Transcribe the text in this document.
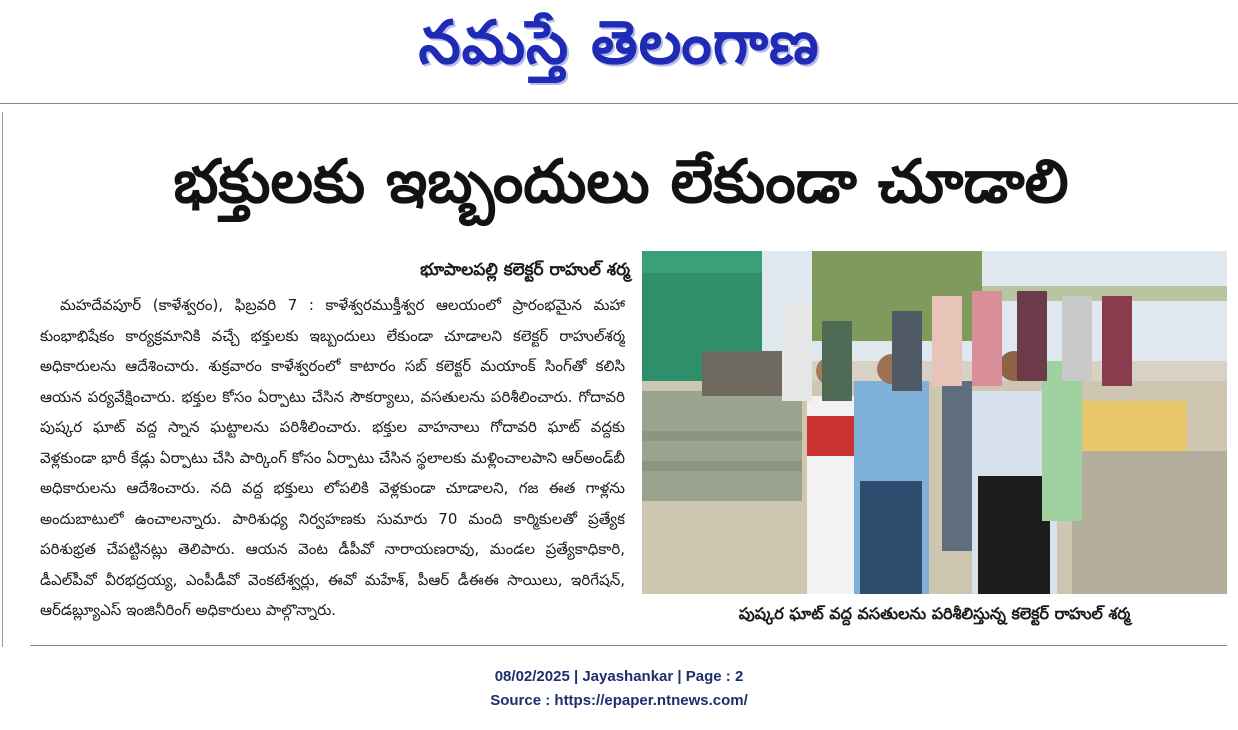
నమస్తే తెలంగాణ
భక్తులకు ఇబ్బందులు లేకుండా చూడాలి
భూపాలపల్లి కలెక్టర్ రాహుల్ శర్మ
మహదేవపూర్ (కాళేశ్వరం), ఫిబ్రవరి 7 : కాళేశ్వరముక్తీశ్వర ఆలయంలో ప్రారంభమైన మహా కుంభాభిషేకం కార్యక్రమానికి వచ్చే భక్తులకు ఇబ్బందులు లేకుండా చూడాలని కలెక్టర్ రాహుల్‌శర్మ అధికారులను ఆదేశించారు. శుక్రవారం కాళేశ్వరంలో కాటారం సబ్ కలెక్టర్ మయాంక్ సింగ్‌తో కలిసి ఆయన పర్యవేక్షించారు. భక్తుల కోసం ఏర్పాటు చేసిన సౌకర్యాలు, వసతులను పరిశీలించారు. గోదావరి పుష్కర ఘాట్ వద్ద స్నాన ఘట్టాలను పరిశీలించారు. భక్తుల వాహనాలు గోదావరి ఘాట్ వద్దకు వెళ్లకుండా భారీ కేడ్లు ఏర్పాటు చేసి పార్కింగ్ కోసం ఏర్పాటు చేసిన స్థలాలకు మళ్లించాలపాని ఆర్‌అండ్‌బీ అధికారులను ఆదేశించారు. నది వద్ద భక్తులు లోపలికి వెళ్లకుండా చూడాలని, గజ ఈత గాళ్లను అందుబాటులో ఉంచాలన్నారు. పారిశుధ్య నిర్వహణకు సుమారు 70 మంది కార్మికులతో ప్రత్యేక పరిశుభ్రత చేపట్టినట్లు తెలిపారు. ఆయన వెంట డీపీవో నారాయణరావు, మండల ప్రత్యేకాధికారి, డీఎల్‌పీవో వీరభద్రయ్య, ఎంపీడీవో వెంకటేశ్వర్లు, ఈవో మహేశ్, పీఆర్ డీఈఈ సాయిలు, ఇరిగేషన్, ఆర్‌డబ్ల్యూఎస్ ఇంజినీరింగ్ అధికారులు పాల్గొన్నారు.	పుష్కర ఘాట్ వద్ద వసతులను పరిశీలిస్తున్న కలెక్టర్ రాహుల్ శర్మ
08/02/2025 | Jayashankar | Page : 2
Source : https://epaper.ntnews.com/
